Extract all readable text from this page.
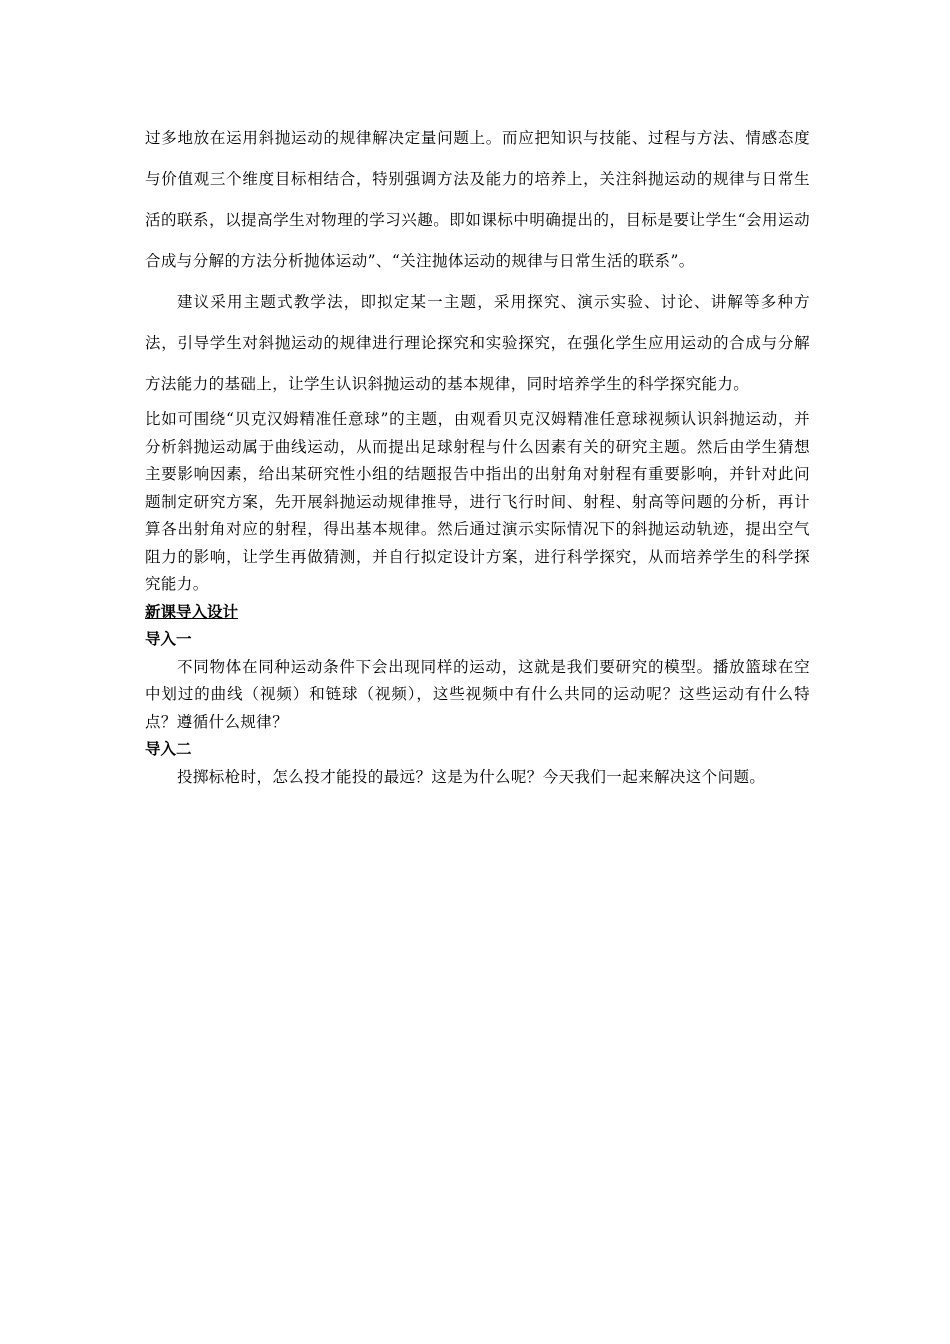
过多地放在运用斜抛运动的规律解决定量问题上。而应把知识与技能、过程与方法、情感态度与价值观三个维度目标相结合，特别强调方法及能力的培养上，关注斜抛运动的规律与日常生活的联系，以提高学生对物理的学习兴趣。即如课标中明确提出的，目标是要让学生“会用运动合成与分解的方法分析抛体运动”、“关注抛体运动的规律与日常生活的联系”。

建议采用主题式教学法，即拟定某一主题，采用探究、演示实验、讨论、讲解等多种方法，引导学生对斜抛运动的规律进行理论探究和实验探究，在强化学生应用运动的合成与分解方法能力的基础上，让学生认识斜抛运动的基本规律，同时培养学生的科学探究能力。

比如可围绕“贝克汉姆精准任意球”的主题，由观看贝克汉姆精准任意球视频认识斜抛运动，并分析斜抛运动属于曲线运动，从而提出足球射程与什么因素有关的研究主题。然后由学生猜想主要影响因素，给出某研究性小组的结题报告中指出的出射角对射程有重要影响，并针对此问题制定研究方案，先开展斜抛运动规律推导，进行飞行时间、射程、射高等问题的分析，再计算各出射角对应的射程，得出基本规律。然后通过演示实际情况下的斜抛运动轨迹，提出空气阻力的影响，让学生再做猜测，并自行拟定设计方案，进行科学探究，从而培养学生的科学探究能力。

新课导入设计

导入一

不同物体在同种运动条件下会出现同样的运动，这就是我们要研究的模型。播放篮球在空中划过的曲线（视频）和链球（视频），这些视频中有什么共同的运动呢？这些运动有什么特点？遵循什么规律？

导入二

投掷标枪时，怎么投才能投的最远？这是为什么呢？今天我们一起来解决这个问题。
